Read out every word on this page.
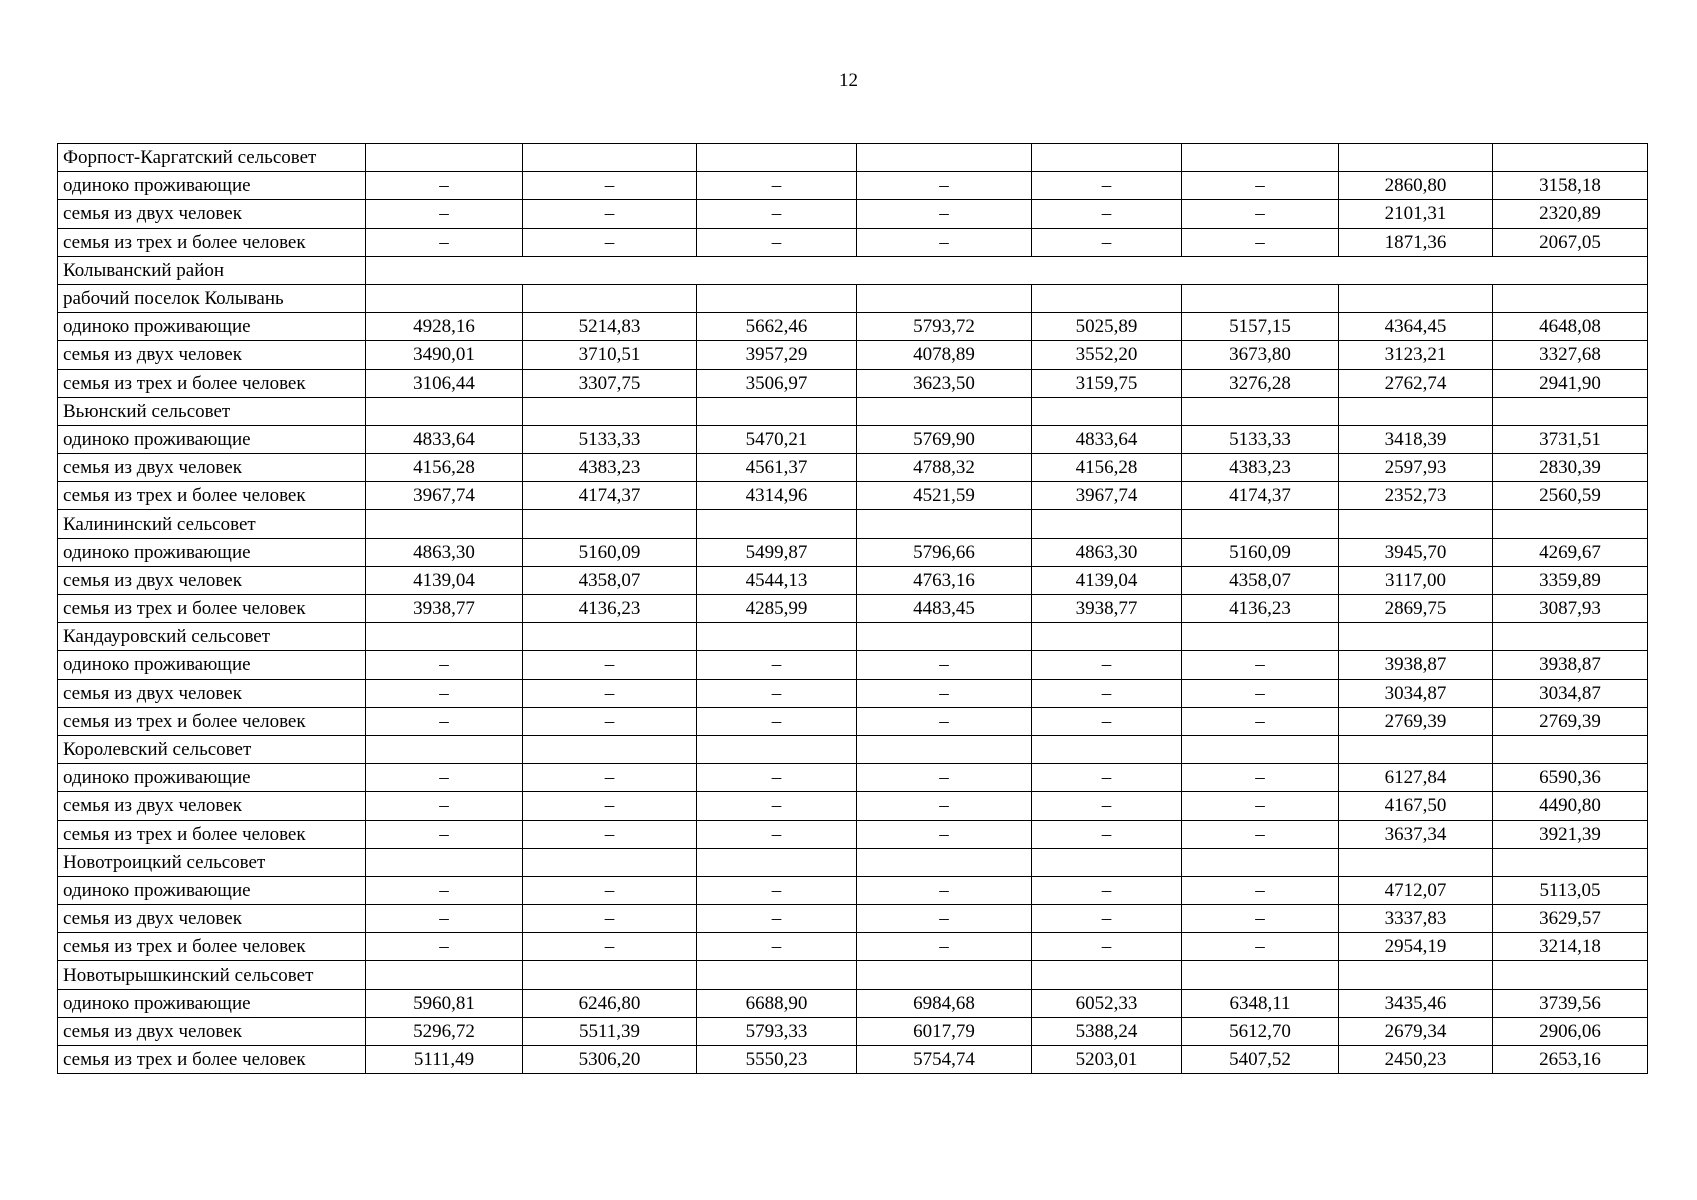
12
Форпост-Каргатский сельсовет								
одиноко проживающие	–	–	–	–	–	–	2860,80	3158,18
семья из двух человек	–	–	–	–	–	–	2101,31	2320,89
семья из трех и более человек	–	–	–	–	–	–	1871,36	2067,05
Колыванский район								
рабочий поселок Колывань								
одиноко проживающие	4928,16	5214,83	5662,46	5793,72	5025,89	5157,15	4364,45	4648,08
семья из двух человек	3490,01	3710,51	3957,29	4078,89	3552,20	3673,80	3123,21	3327,68
семья из трех и более человек	3106,44	3307,75	3506,97	3623,50	3159,75	3276,28	2762,74	2941,90
Вьюнский сельсовет								
одиноко проживающие	4833,64	5133,33	5470,21	5769,90	4833,64	5133,33	3418,39	3731,51
семья из двух человек	4156,28	4383,23	4561,37	4788,32	4156,28	4383,23	2597,93	2830,39
семья из трех и более человек	3967,74	4174,37	4314,96	4521,59	3967,74	4174,37	2352,73	2560,59
Калининский сельсовет								
одиноко проживающие	4863,30	5160,09	5499,87	5796,66	4863,30	5160,09	3945,70	4269,67
семья из двух человек	4139,04	4358,07	4544,13	4763,16	4139,04	4358,07	3117,00	3359,89
семья из трех и более человек	3938,77	4136,23	4285,99	4483,45	3938,77	4136,23	2869,75	3087,93
Кандауровский сельсовет								
одиноко проживающие	–	–	–	–	–	–	3938,87	3938,87
семья из двух человек	–	–	–	–	–	–	3034,87	3034,87
семья из трех и более человек	–	–	–	–	–	–	2769,39	2769,39
Королевский сельсовет								
одиноко проживающие	–	–	–	–	–	–	6127,84	6590,36
семья из двух человек	–	–	–	–	–	–	4167,50	4490,80
семья из трех и более человек	–	–	–	–	–	–	3637,34	3921,39
Новотроицкий сельсовет								
одиноко проживающие	–	–	–	–	–	–	4712,07	5113,05
семья из двух человек	–	–	–	–	–	–	3337,83	3629,57
семья из трех и более человек	–	–	–	–	–	–	2954,19	3214,18
Новотырышкинский сельсовет								
одиноко проживающие	5960,81	6246,80	6688,90	6984,68	6052,33	6348,11	3435,46	3739,56
семья из двух человек	5296,72	5511,39	5793,33	6017,79	5388,24	5612,70	2679,34	2906,06
семья из трех и более человек	5111,49	5306,20	5550,23	5754,74	5203,01	5407,52	2450,23	2653,16
